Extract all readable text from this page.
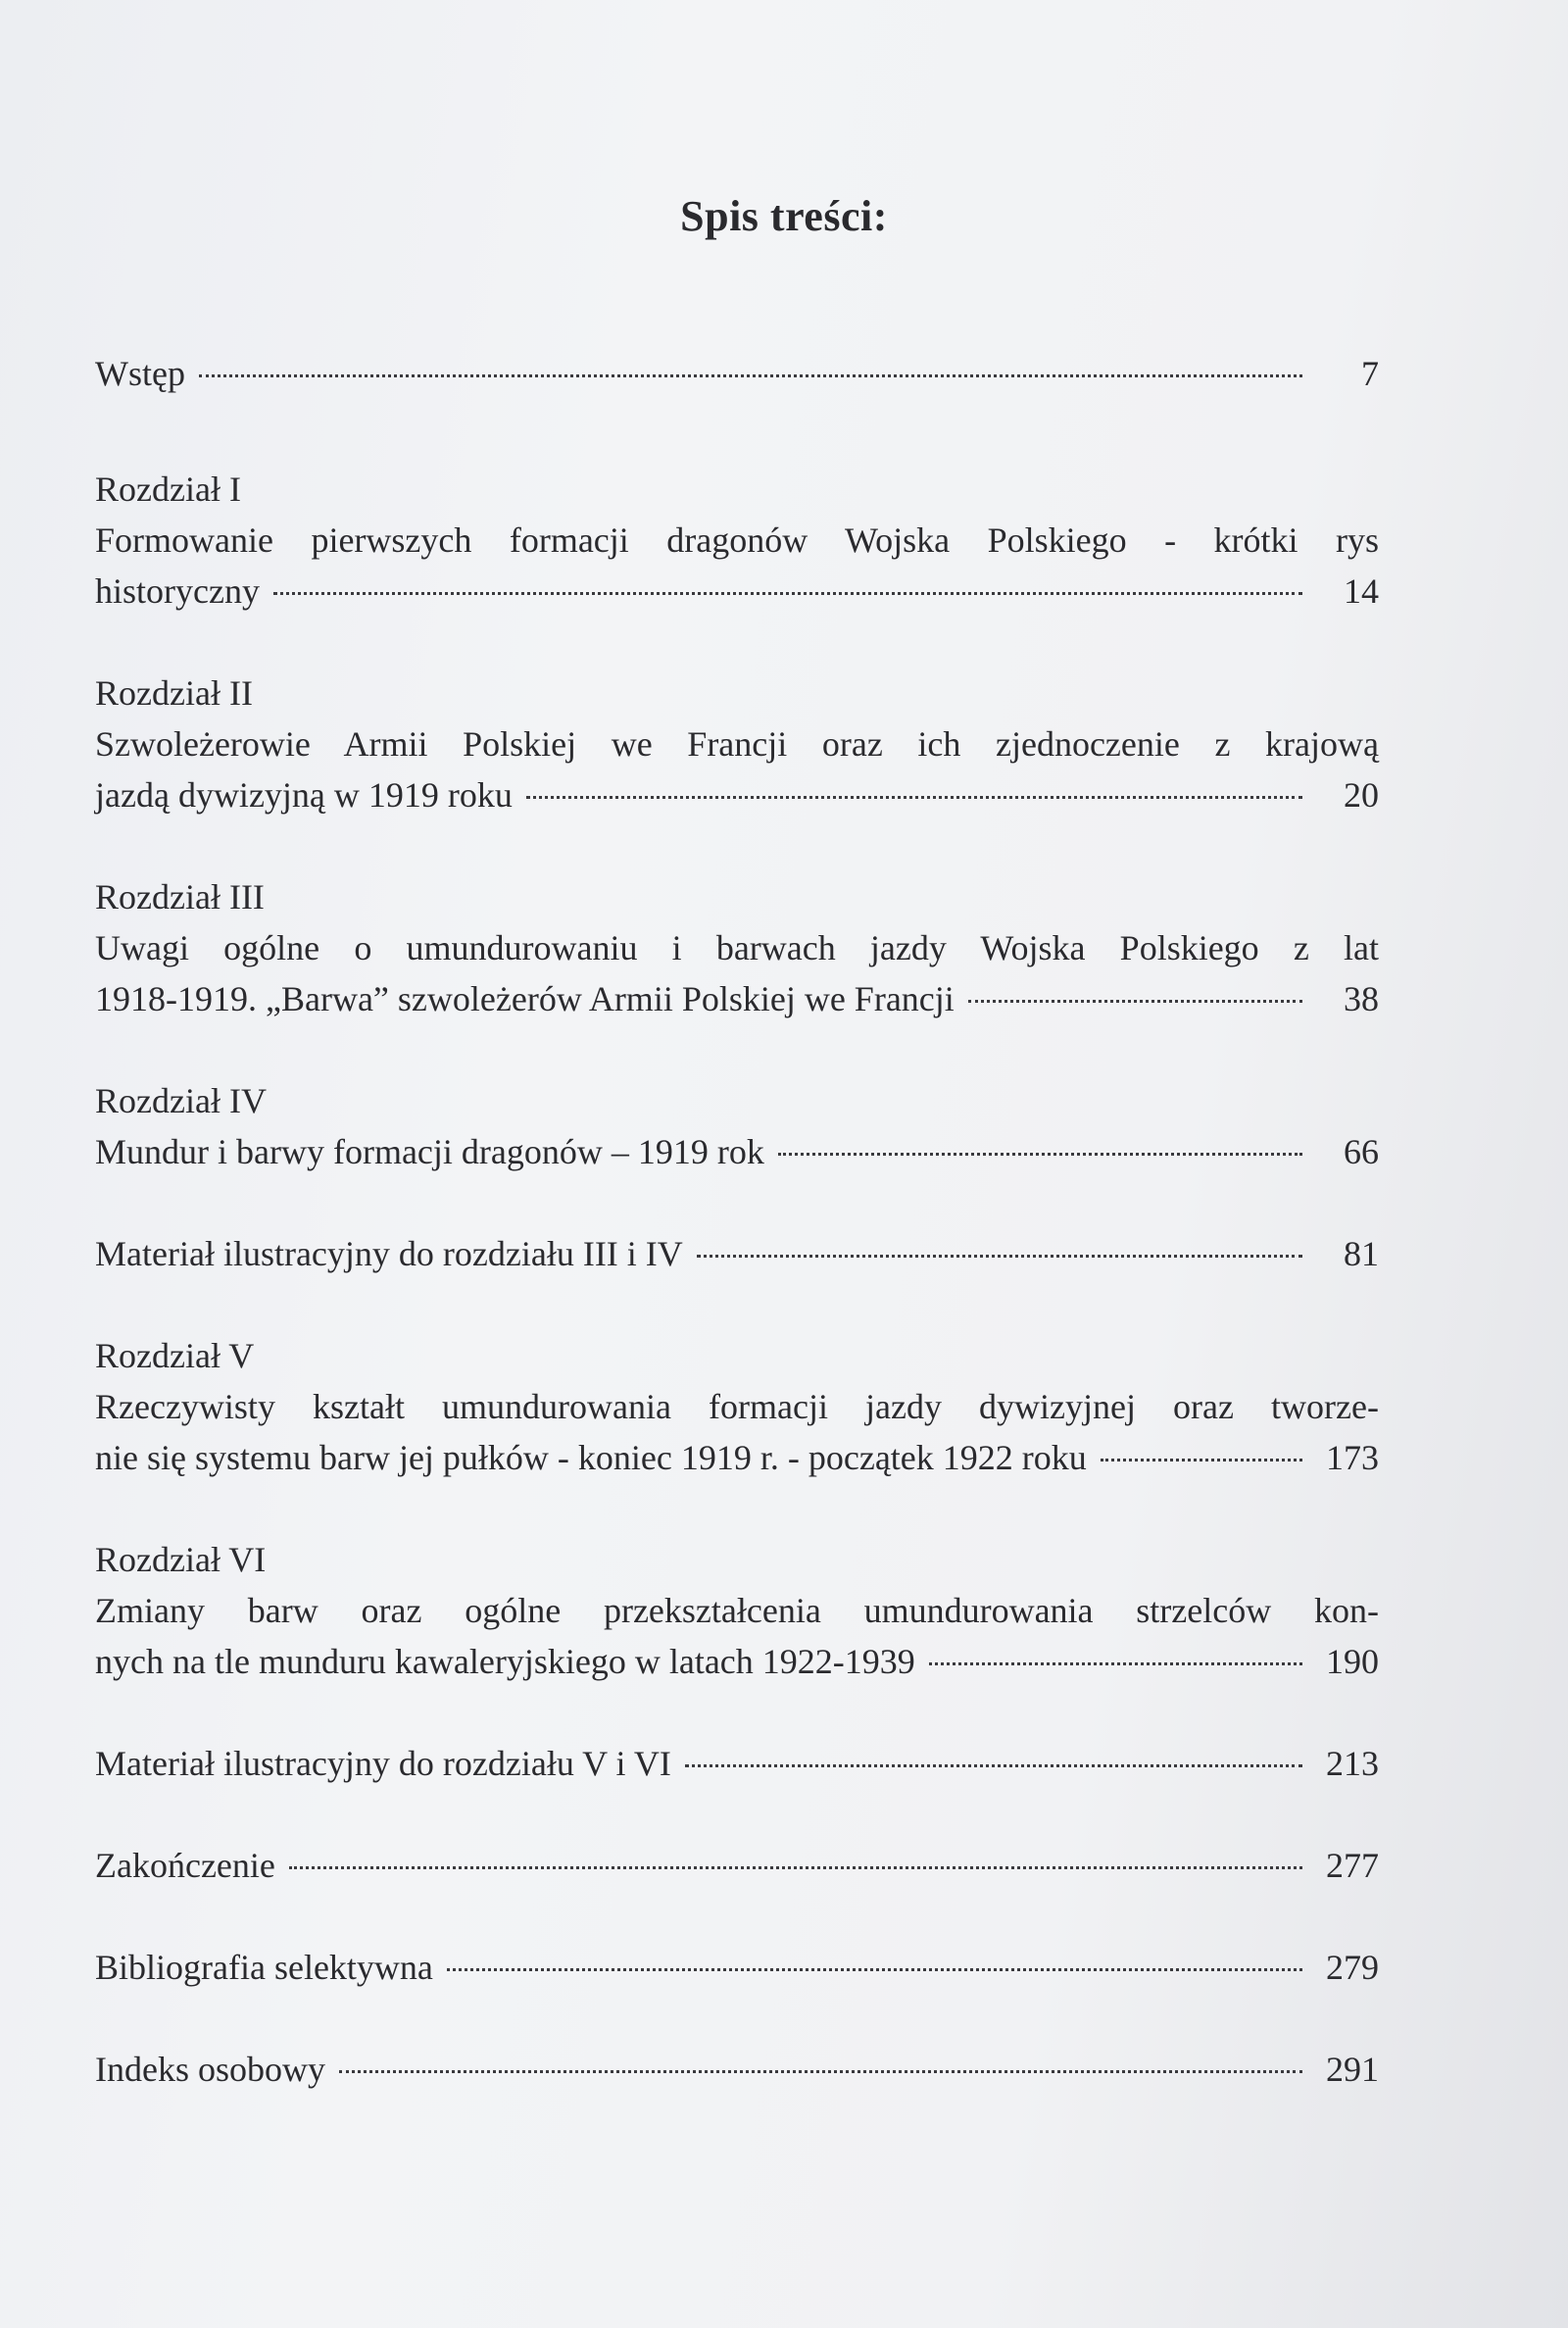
Spis treści:
Wstęp	7
Rozdział I
Formowanie pierwszych formacji dragonów Wojska Polskiego - krótki rys
historyczny	14
Rozdział II
Szwoleżerowie Armii Polskiej we Francji oraz ich zjednoczenie z krajową
jazdą dywizyjną w 1919 roku	20
Rozdział III
Uwagi ogólne o umundurowaniu i barwach jazdy Wojska Polskiego z lat
1918-1919. „Barwa” szwoleżerów Armii Polskiej we Francji	38
Rozdział IV
Mundur i barwy formacji dragonów – 1919 rok	66
Materiał ilustracyjny do rozdziału III i IV	81
Rozdział V
Rzeczywisty kształt umundurowania formacji jazdy dywizyjnej oraz tworze-
nie się systemu barw jej pułków - koniec 1919 r. - początek 1922 roku	173
Rozdział VI
Zmiany barw oraz ogólne przekształcenia umundurowania strzelców kon-
nych na tle munduru kawaleryjskiego w latach 1922-1939	190
Materiał ilustracyjny do rozdziału V i VI	213
Zakończenie	277
Bibliografia selektywna	279
Indeks osobowy	291
